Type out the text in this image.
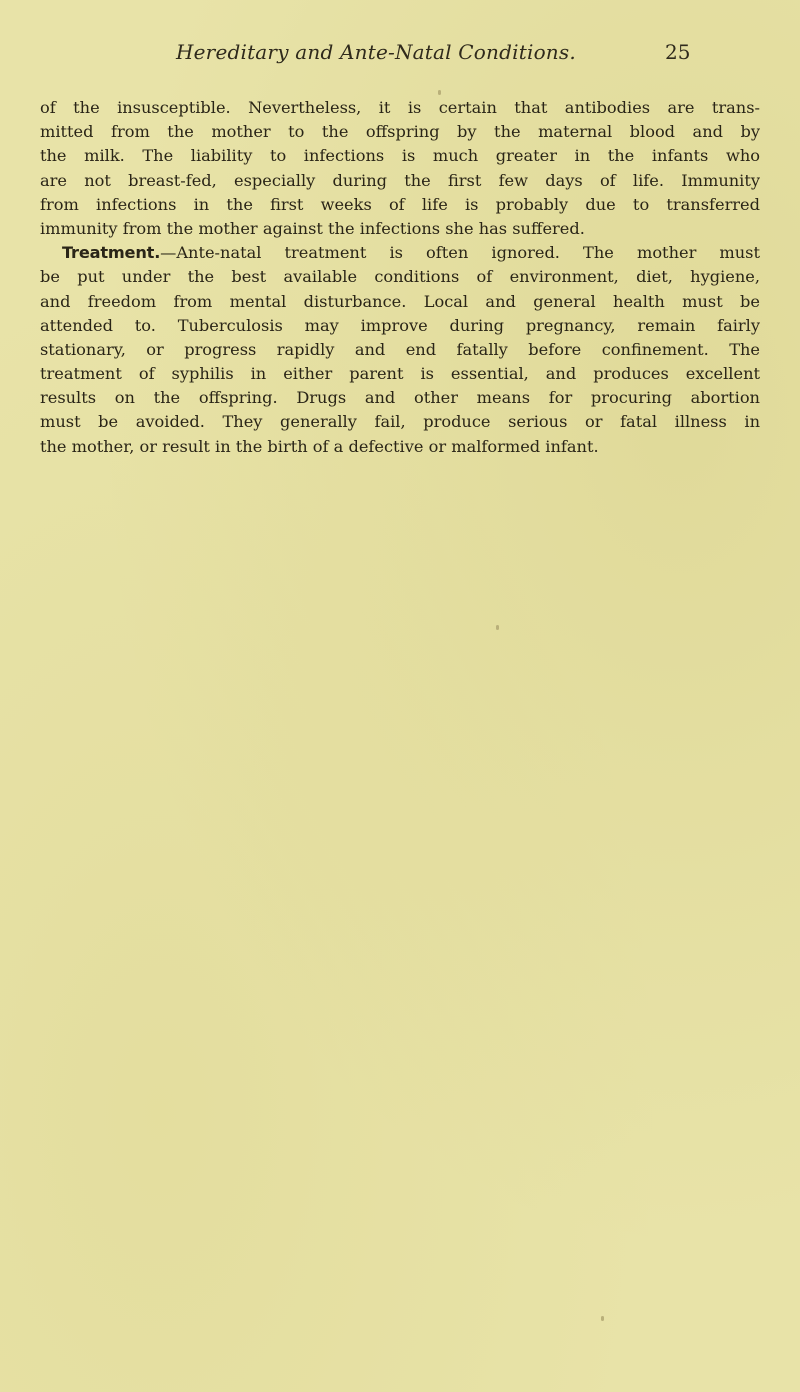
Hereditary and Ante-Natal Conditions.	25
of the insusceptible. Nevertheless, it is certain that antibodies are trans-
mitted from the mother to the offspring by the maternal blood and by
the milk. The liability to infections is much greater in the infants who
are not breast-fed, especially during the first few days of life. Immunity
from infections in the first weeks of life is probably due to transferred
immunity from the mother against the infections she has suffered.
Treatment.—Ante-natal treatment is often ignored. The mother must
be put under the best available conditions of environment, diet, hygiene,
and freedom from mental disturbance. Local and general health must be
attended to. Tuberculosis may improve during pregnancy, remain fairly
stationary, or progress rapidly and end fatally before confinement. The
treatment of syphilis in either parent is essential, and produces excellent
results on the offspring. Drugs and other means for procuring abortion
must be avoided. They generally fail, produce serious or fatal illness in
the mother, or result in the birth of a defective or malformed infant.
